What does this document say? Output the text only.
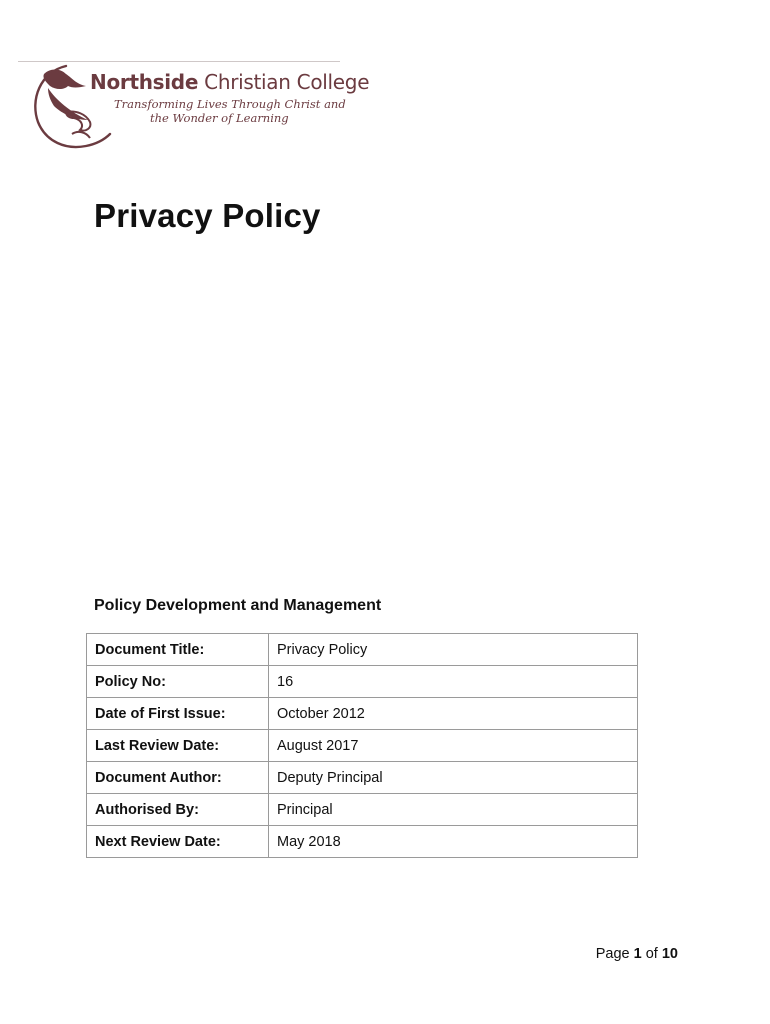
Northside Christian College
Transforming Lives Through Christ and
the Wonder of Learning
Privacy Policy
Policy Development and Management
Document Title:	Privacy Policy
Policy No:	16
Date of First Issue:	October 2012
Last Review Date:	August 2017
Document Author:	Deputy Principal
Authorised By:	Principal
Next Review Date:	May 2018
Page 1 of 10
